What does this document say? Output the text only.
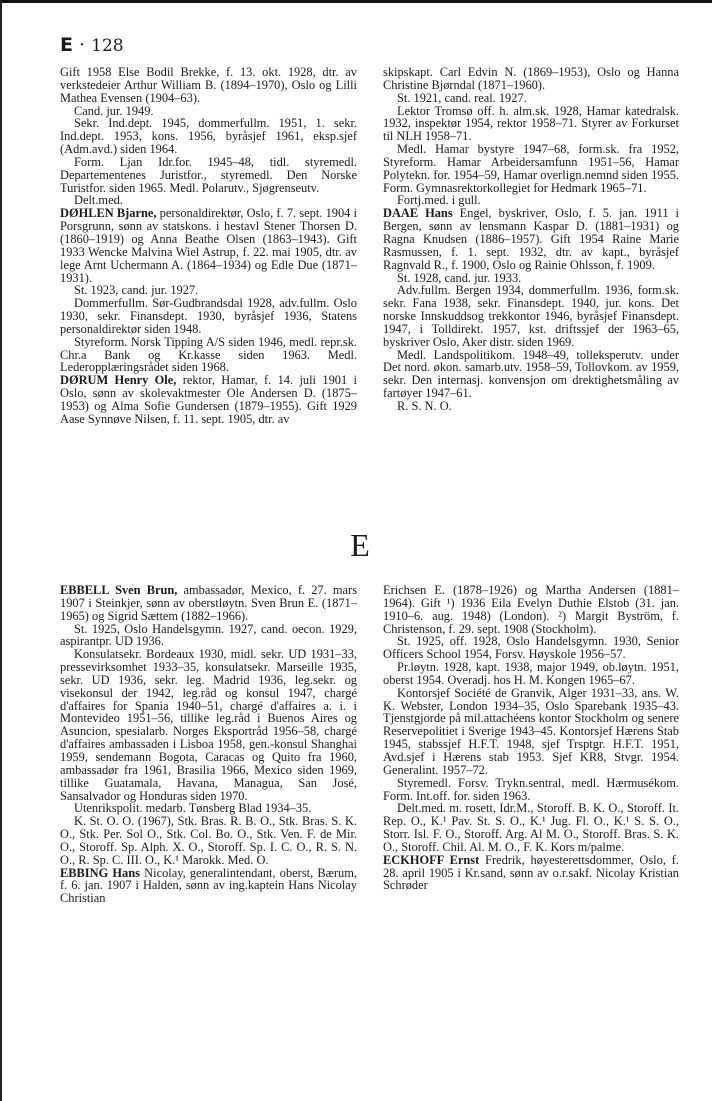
E · 128

Gift 1958 Else Bodil Brekke, f. 13. okt. 1928, dtr. av verkstedeier Arthur William B. (1894–1970), Oslo og Lilli Mathea Evensen (1904–63).

Cand. jur. 1949.

Sekr. Ind.dept. 1945, dommerfullm. 1951, 1. sekr. Ind.dept. 1953, kons. 1956, byråsjef 1961, eksp.sjef (Adm.avd.) siden 1964.

Form. Ljan Idr.for. 1945–48, tidl. styremedl. Departementenes Juristfor., styremedl. Den Norske Turistfor. siden 1965. Medl. Polarutv., Sjøgrenseutv.

Delt.med.

DØHLEN Bjarne, personaldirektør, Oslo, f. 7. sept. 1904 i Porsgrunn, sønn av statskons. i hestavl Stener Thorsen D. (1860–1919) og Anna Beathe Olsen (1863–1943). Gift 1933 Wencke Malvina Wiel Astrup, f. 22. mai 1905, dtr. av lege Arnt Uchermann A. (1864–1934) og Edle Due (1871–1931).

St. 1923, cand. jur. 1927.

Dommerfullm. Sør-Gudbrandsdal 1928, adv.fullm. Oslo 1930, sekr. Finansdept. 1930, byråsjef 1936, Statens personaldirektør siden 1948.

Styreform. Norsk Tipping A/S siden 1946, medl. repr.sk. Chr.a Bank og Kr.kasse siden 1963. Medl. Lederopplæringsrådet siden 1968.

DØRUM Henry Ole, rektor, Hamar, f. 14. juli 1901 i Oslo, sønn av skolevaktmester Ole Andersen D. (1875–1953) og Alma Sofie Gundersen (1879–1955). Gift 1929 Aase Synnøve Nilsen, f. 11. sept. 1905, dtr. av

skipskapt. Carl Edvin N. (1869–1953), Oslo og Hanna Christine Bjørndal (1871–1960).

St. 1921, cand. real. 1927.

Lektor Tromsø off. h. alm.sk. 1928, Hamar katedralsk. 1932, inspektør 1954, rektor 1958–71. Styrer av Forkurset til NLH 1958–71.

Medl. Hamar bystyre 1947–68, form.sk. fra 1952, Styreform. Hamar Arbeidersamfunn 1951–56, Hamar Polytekn. for. 1954–59, Hamar overlign.nemnd siden 1955. Form. Gymnasrektorkollegiet for Hedmark 1965–71.

Fortj.med. i gull.

DAAE Hans Engel, byskriver, Oslo, f. 5. jan. 1911 i Bergen, sønn av lensmann Kaspar D. (1881–1931) og Ragna Knudsen (1886–1957). Gift 1954 Raine Marie Rasmussen, f. 1. sept. 1932, dtr. av kapt., byråsjef Ragnvald R., f. 1900, Oslo og Rainie Ohlsson, f. 1909.

St. 1928, cand. jur. 1933.

Adv.fullm. Bergen 1934, dommerfullm. 1936, form.sk. sekr. Fana 1938, sekr. Finansdept. 1940, jur. kons. Det norske Innskuddsog trekkontor 1946, byråsjef Finansdept. 1947, i Tolldirekt. 1957, kst. driftssjef der 1963–65, byskriver Oslo, Aker distr. siden 1969.

Medl. Landspolitikom. 1948–49, tolleksperutv. under Det nord. økon. samarb.utv. 1958–59, Tollovkom. av 1959, sekr. Den internasj. konvensjon om drektighetsmåling av fartøyer 1947–61.

R. S. N. O.

E

EBBELL Sven Brun, ambassadør, Mexico, f. 27. mars 1907 i Steinkjer, sønn av oberstløytn. Sven Brun E. (1871–1965) og Sigrid Sættem (1882–1966).

St. 1925, Oslo Handelsgymn. 1927, cand. oecon. 1929, aspirantpr. UD 1936.

Konsulatsekr. Bordeaux 1930, midl. sekr. UD 1931–33, pressevirksomhet 1933–35, konsulatsekr. Marseille 1935, sekr. UD 1936, sekr. leg. Madrid 1936, leg.sekr. og visekonsul der 1942, leg.råd og konsul 1947, chargé d'affaires for Spania 1940–51, chargé d'affaires a. i. i Montevideo 1951–56, tillike leg.råd i Buenos Aires og Asuncion, spesialarb. Norges Eksportråd 1956–58, chargé d'affaires ambassaden i Lisboa 1958, gen.-konsul Shanghai 1959, sendemann Bogota, Caracas og Quito fra 1960, ambassadør fra 1961, Brasilia 1966, Mexico siden 1969, tillike Guatamala, Havana, Managua, San José, Sansalvador og Honduras siden 1970.

Utenrikspolit. medarb. Tønsberg Blad 1934–35.

K. St. O. O. (1967), Stk. Bras. R. B. O., Stk. Bras. S. K. O., Stk. Per. Sol O., Stk. Col. Bo. O., Stk. Ven. F. de Mir. O., Storoff. Sp. Alph. X. O., Storoff. Sp. I. C. O., R. S. N. O., R. Sp. C. III. O., K.¹ Marokk. Med. O.

EBBING Hans Nicolay, generalintendant, oberst, Bærum, f. 6. jan. 1907 i Halden, sønn av ing.kaptein Hans Nicolay Christian

Erichsen E. (1878–1926) og Martha Andersen (1881–1964). Gift ¹) 1936 Eila Evelyn Duthie Elstob (31. jan. 1910–6. aug. 1948) (London). ²) Margit Byström, f. Christenson, f. 29. sept. 1908 (Stockholm).

St. 1925, off. 1928, Oslo Handelsgymn. 1930, Senior Officers School 1954, Forsv. Høyskole 1956–57.

Pr.løytn. 1928, kapt. 1938, major 1949, ob.løytn. 1951, oberst 1954. Overadj. hos H. M. Kongen 1965–67.

Kontorsjef Société de Granvik, Alger 1931–33, ans. W. K. Webster, London 1934–35, Oslo Sparebank 1935–43. Tjenstgjorde på mil.attachéens kontor Stockholm og senere Reservepolitiet i Sverige 1943–45. Kontorsjef Hærens Stab 1945, stabssjef H.F.T. 1948, sjef Trsptgr. H.F.T. 1951, Avd.sjef i Hærens stab 1953. Sjef KR8, Stvgr. 1954. Generalint. 1957–72.

Styremedl. Forsv. Trykn.sentral, medl. Hærmusékom. Form. Int.off. for. siden 1963.

Delt.med. m. rosett, Idr.M., Storoff. B. K. O., Storoff. It. Rep. O., K.¹ Pav. St. S. O., K.¹ Jug. Fl. O., K.¹ S. S. O., Storr. Isl. F. O., Storoff. Arg. Al M. O., Storoff. Bras. S. K. O., Storoff. Chil. Al. M. O., F. K. Kors m/palme.

ECKHOFF Ernst Fredrik, høyesterettsdommer, Oslo, f. 28. april 1905 i Kr.sand, sønn av o.r.sakf. Nicolay Kristian Schrøder
